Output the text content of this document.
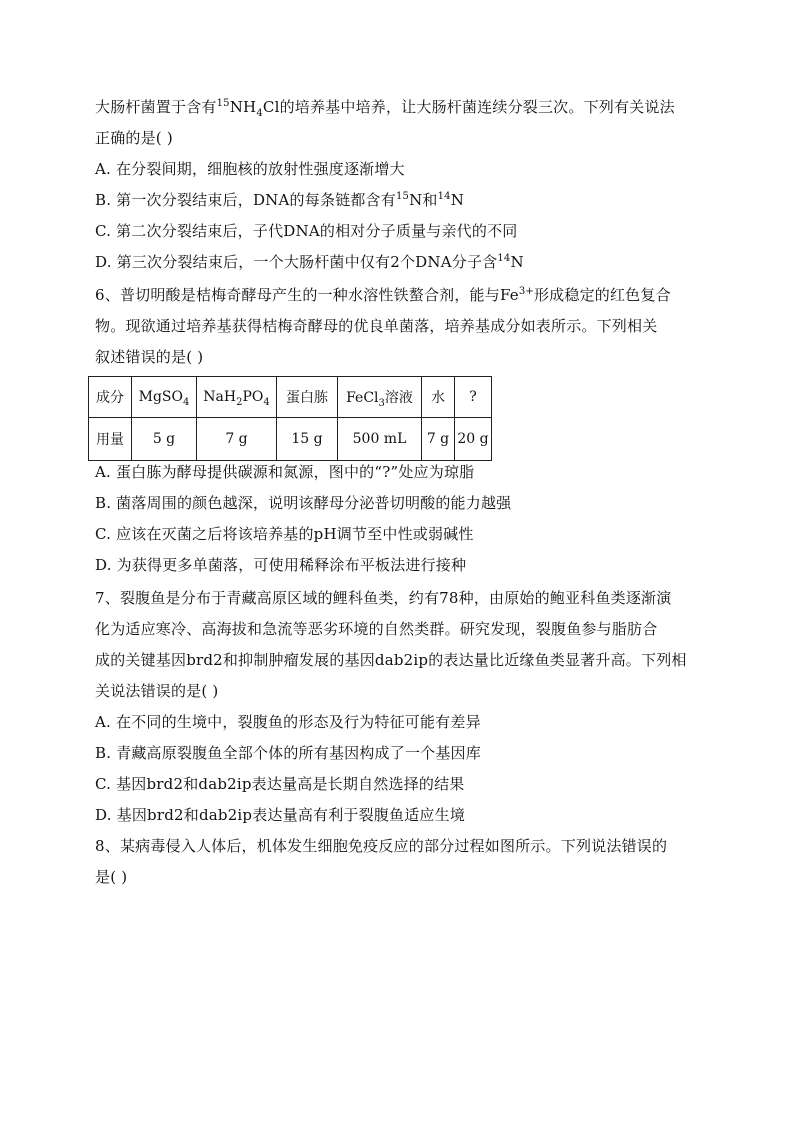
大肠杆菌置于含有$^{15}NH_4Cl$的培养基中培养，让大肠杆菌连续分裂三次。下列有关说法
正确的是( )
A. 在分裂间期，细胞核的放射性强度逐渐增大
B. 第一次分裂结束后，DNA的每条链都含有$^{15}$N和$^{14}$N
C. 第二次分裂结束后，子代DNA的相对分子质量与亲代的不同
D. 第三次分裂结束后，一个大肠杆菌中仅有2个DNA分子含$^{14}$N
6、普切明酸是桔梅奇酵母产生的一种水溶性铁螯合剂，能与$Fe^{3+}$形成稳定的红色复合
物。现欲通过培养基获得桔梅奇酵母的优良单菌落，培养基成分如表所示。下列相关
叙述错误的是( )
成分	MgSO$_4$	$NaH_2PO_4$	蛋白胨	FeCl$_3$溶液	水	?
用量	5 g	7 g	15 g	500 mL	7 g	20 g
A. 蛋白胨为酵母提供碳源和氮源，图中的“?”处应为琼脂
B. 菌落周围的颜色越深，说明该酵母分泌普切明酸的能力越强
C. 应该在灭菌之后将该培养基的pH调节至中性或弱碱性
D. 为获得更多单菌落，可使用稀释涂布平板法进行接种
7、裂腹鱼是分布于青藏高原区域的鲤科鱼类，约有78种，由原始的鲍亚科鱼类逐渐演
化为适应寒冷、高海拔和急流等恶劣环境的自然类群。研究发现，裂腹鱼参与脂肪合
成的关键基因brd2和抑制肿瘤发展的基因dab2ip的表达量比近缘鱼类显著升高。下列相
关说法错误的是( )
A. 在不同的生境中，裂腹鱼的形态及行为特征可能有差异
B. 青藏高原裂腹鱼全部个体的所有基因构成了一个基因库
C. 基因brd2和dab2ip表达量高是长期自然选择的结果
D. 基因brd2和dab2ip表达量高有利于裂腹鱼适应生境
8、某病毒侵入人体后，机体发生细胞免疫反应的部分过程如图所示。下列说法错误的
是( )
